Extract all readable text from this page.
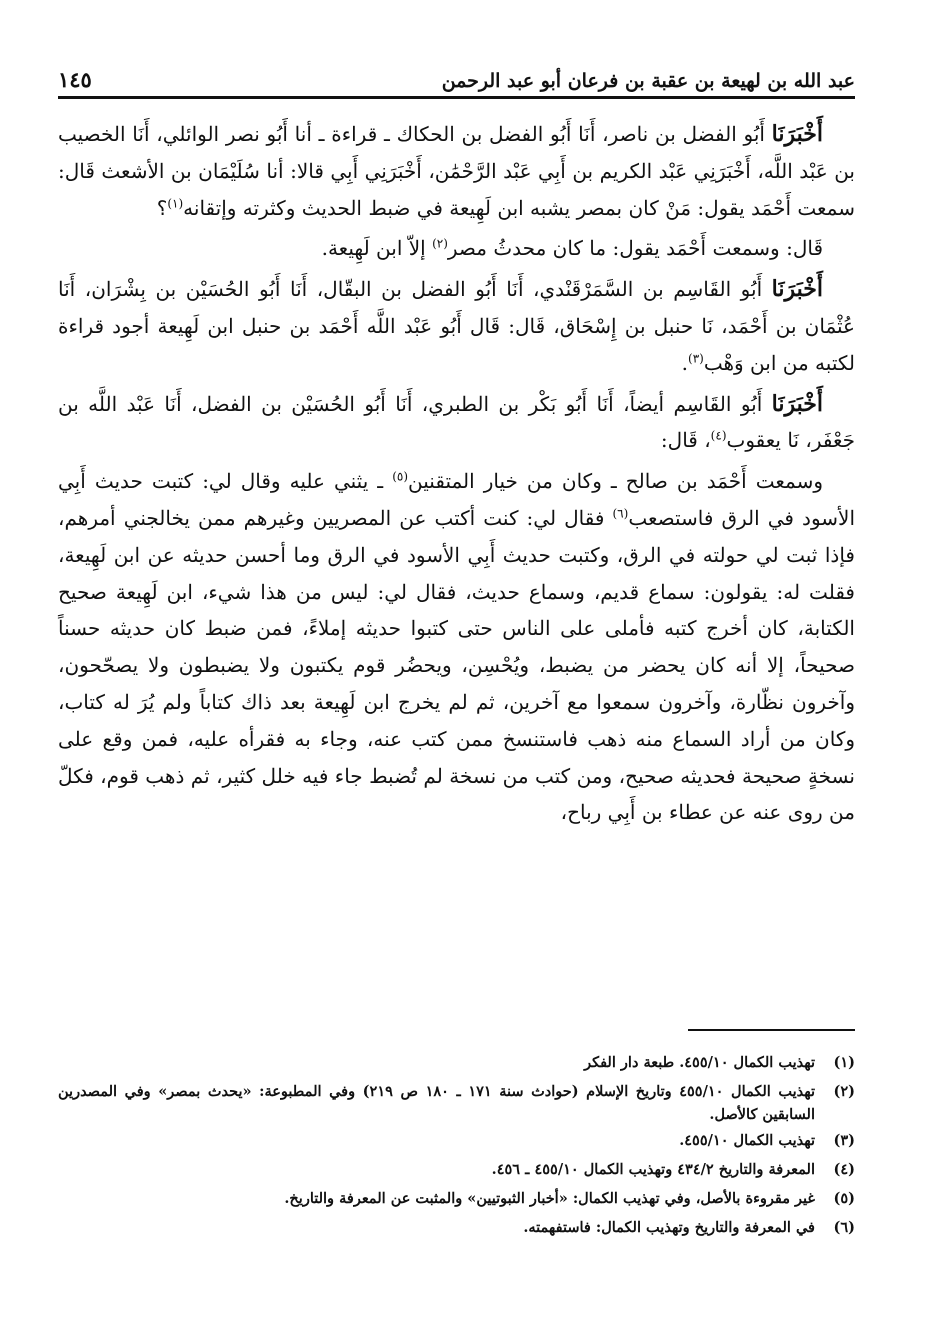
عبد الله بن لهيعة بن عقبة بن فرعان أبو عبد الرحمن
١٤٥

أَخْبَرَنَا أَبُو الفضل بن ناصر، أَنَا أَبُو الفضل بن الحكاك ـ قراءة ـ أنا أَبُو نصر الوائلي، أَنَا الخصيب بن عَبْد اللَّه، أَخْبَرَنِي عَبْد الكريم بن أَبِي عَبْد الرَّحْمَٰن، أَخْبَرَنِي أَبِي قالا: أنا سُلَيْمَان بن الأشعث قَال: سمعت أَحْمَد يقول: مَنْ كان بمصر يشبه ابن لَهِيعة في ضبط الحديث وكثرته وإتقانه$^{(١)}$؟

قَال: وسمعت أَحْمَد يقول: ما كان محدثُ مصر$^{(٢)}$ إلاّ ابن لَهِيعة.

أَخْبَرَنَا أَبُو القَاسِم بن السَّمَرْقَنْدي، أَنَا أَبُو الفضل بن البقّال، أَنَا أَبُو الحُسَيْن بن بِشْرَان، أَنَا عُثْمَان بن أَحْمَد، نَا حنبل بن إِسْحَاق، قَال: قَال أَبُو عَبْد اللَّه أَحْمَد بن حنبل ابن لَهِيعة أجود قراءة لكتبه من ابن وَهْب$^{(٣)}$.

أَخْبَرَنَا أَبُو القَاسِم أيضاً، أَنَا أَبُو بَكْر بن الطبري، أَنَا أَبُو الحُسَيْن بن الفضل، أَنَا عَبْد اللَّه بن جَعْفَر، نَا يعقوب$^{(٤)}$، قَال:

وسمعت أَحْمَد بن صالح ـ وكان من خيار المتقنين$^{(٥)}$ ـ يثني عليه وقال لي: كتبت حديث أَبِي الأسود في الرق فاستصعب$^{(٦)}$ فقال لي: كنت أكتب عن المصريين وغيرهم ممن يخالجني أمرهم، فإذا ثبت لي حولته في الرق، وكتبت حديث أَبِي الأسود في الرق وما أحسن حديثه عن ابن لَهِيعة، فقلت له: يقولون: سماع قديم، وسماع حديث، فقال لي: ليس من هذا شيء، ابن لَهِيعة صحيح الكتابة، كان أخرج كتبه فأملى على الناس حتى كتبوا حديثه إملاءً، فمن ضبط كان حديثه حسناً صحيحاً، إلا أنه كان يحضر من يضبط، ويُحْسِن، ويحضُر قوم يكتبون ولا يضبطون ولا يصحّحون، وآخرون نظّارة، وآخرون سمعوا مع آخرين، ثم لم يخرج ابن لَهِيعة بعد ذاك كتاباً ولم يُرَ له كتاب، وكان من أراد السماع منه ذهب فاستنسخ ممن كتب عنه، وجاء به فقرأه عليه، فمن وقع على نسخةٍ صحيحة فحديثه صحيح، ومن كتب من نسخة لم تُضبط جاء فيه خلل كثير، ثم ذهب قوم، فكلّ من روى عنه عن عطاء بن أَبِي رباح،

(١)
تهذيب الكمال ٤٥٥/١٠. طبعة دار الفكر
(٢)
تهذيب الكمال ٤٥٥/١٠ وتاريخ الإسلام (حوادث سنة ١٧١ ـ ١٨٠ ص ٢١٩) وفي المطبوعة: «يحدث بمصر» وفي المصدرين السابقين كالأصل.
(٣)
تهذيب الكمال ٤٥٥/١٠.
(٤)
المعرفة والتاريخ ٤٣٤/٢ وتهذيب الكمال ٤٥٥/١٠ ـ ٤٥٦.
(٥)
غير مقروءة بالأصل، وفي تهذيب الكمال: «أخبار الثبوتيين» والمثبت عن المعرفة والتاريخ.
(٦)
في المعرفة والتاريخ وتهذيب الكمال: فاستفهمته.
